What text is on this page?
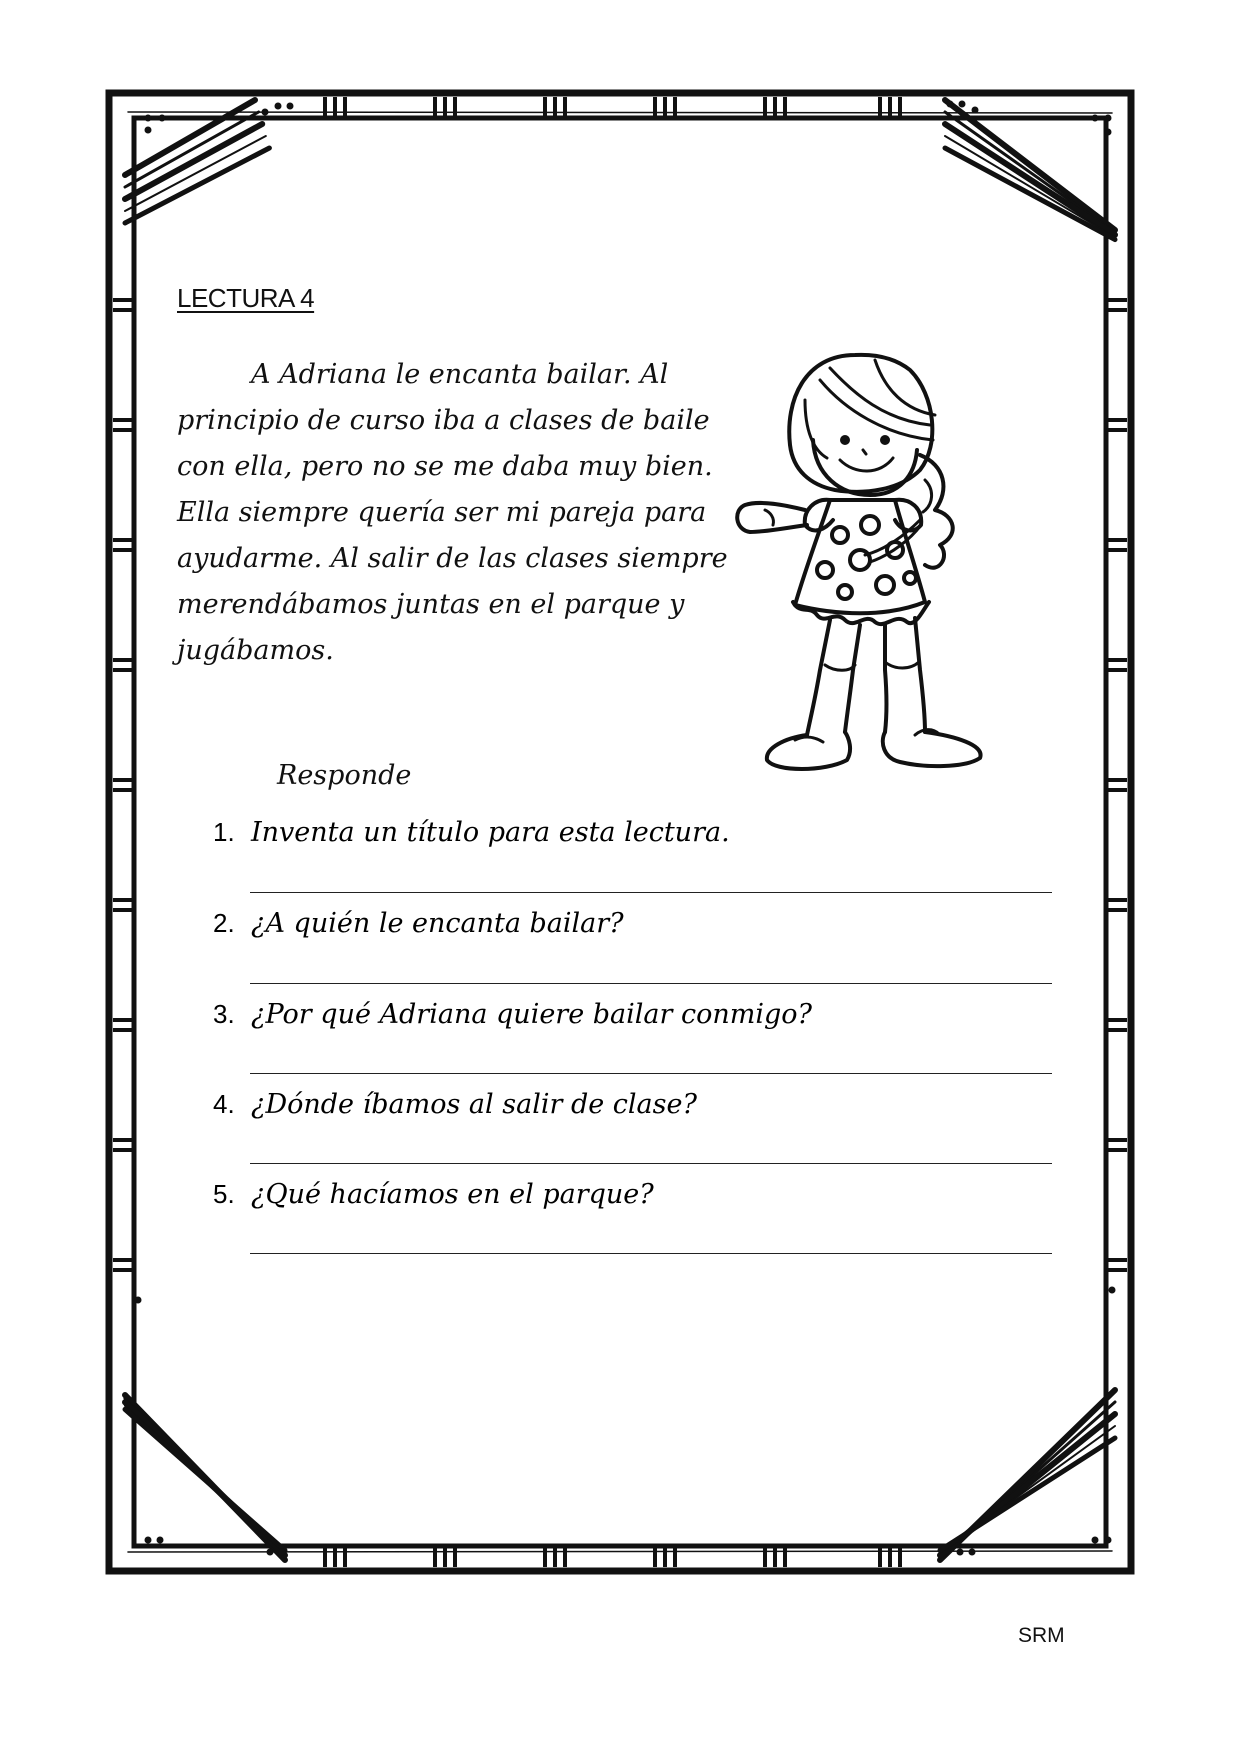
LECTURA 4
A Adriana le encanta bailar. Al
principio de curso iba a clases de baile
con ella, pero no se me daba muy bien.
Ella siempre quería ser mi pareja para
ayudarme. Al salir de las clases siempre
merendábamos juntas en el parque y
jugábamos.
Responde
1. Inventa un título para esta lectura.
2. ¿A quién le encanta bailar?
3. ¿Por qué Adriana quiere bailar conmigo?
4. ¿Dónde íbamos al salir de clase?
5. ¿Qué hacíamos en el parque?
SRM
